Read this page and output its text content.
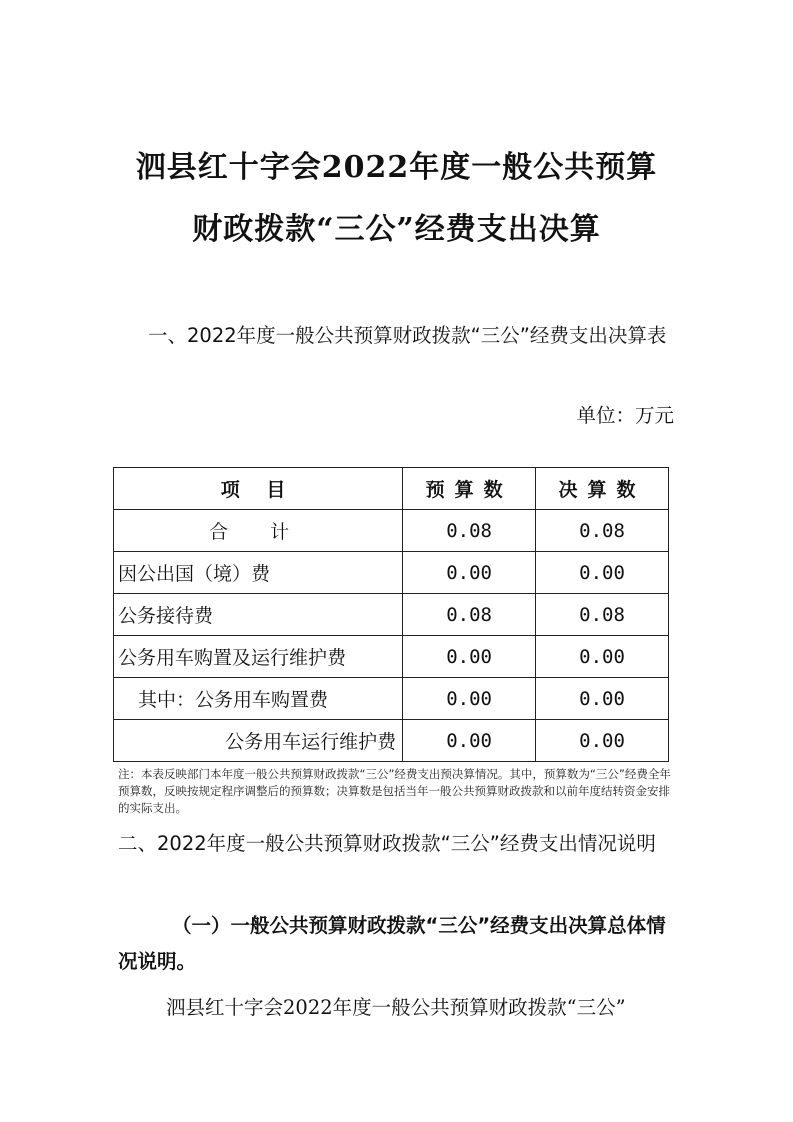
泗县红十字会2022年度一般公共预算
财政拨款“三公”经费支出决算

一、2022年度一般公共预算财政拨款“三公”经费支出决算表

单位：万元
项 目	预算数	决算数
合 计	0.08	0.08
因公出国（境）费	0.00	0.00
公务接待费	0.08	0.08
公务用车购置及运行维护费	0.00	0.00
其中：公务用车购置费	0.00	0.00
公务用车运行维护费	0.00	0.00

注：本表反映部门本年度一般公共预算财政拨款“三公”经费支出预决算情况。其中，预算数为“三公”经费全年预算数，反映按规定程序调整后的预算数；决算数是包括当年一般公共预算财政拨款和以前年度结转资金安排的实际支出。

二、2022年度一般公共预算财政拨款“三公”经费支出情况说明

（一）一般公共预算财政拨款“三公”经费支出决算总体情况说明。

泗县红十字会2022年度一般公共预算财政拨款“三公”
